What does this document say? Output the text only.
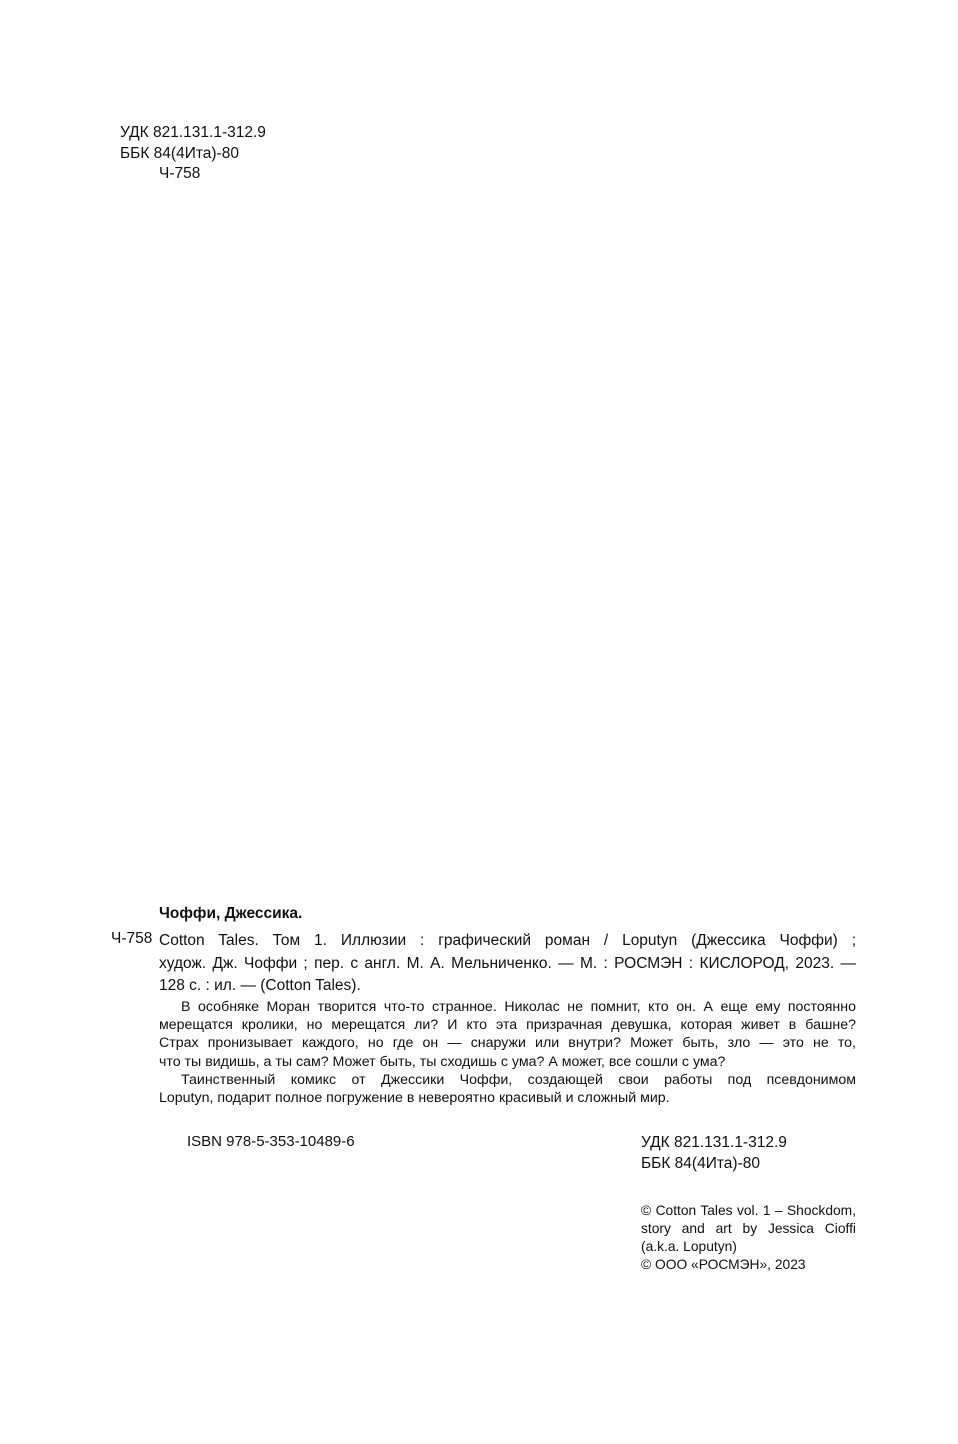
УДК 821.131.1-312.9
ББК 84(4Ита)-80
Ч-758
Чоффи, Джессика.
Ч-758 Cotton Tales. Том 1. Иллюзии : графический роман / Loputyn (Джессика Чоффи) ;
худож. Дж. Чоффи ; пер. с англ. М. А. Мельниченко. — М. : РОСМЭН : КИСЛОРОД, 2023. —
128 с. : ил. — (Cotton Tales).
В особняке Моран творится что-то странное. Николас не помнит, кто он. А еще ему постоянно
мерещатся кролики, но мерещатся ли? И кто эта призрачная девушка, которая живет в башне?
Страх пронизывает каждого, но где он — снаружи или внутри? Может быть, зло — это не то,
что ты видишь, а ты сам? Может быть, ты сходишь с ума? А может, все сошли с ума?
Таинственный комикс от Джессики Чоффи, создающей свои работы под псевдонимом
Loputyn, подарит полное погружение в невероятно красивый и сложный мир.
ISBN 978-5-353-10489-6	УДК 821.131.1-312.9
ББК 84(4Ита)-80
© Cotton Tales vol. 1 – Shockdom,
story and art by Jessica Cioffi
(a.k.a. Loputyn)
© ООО «РОСМЭН», 2023
